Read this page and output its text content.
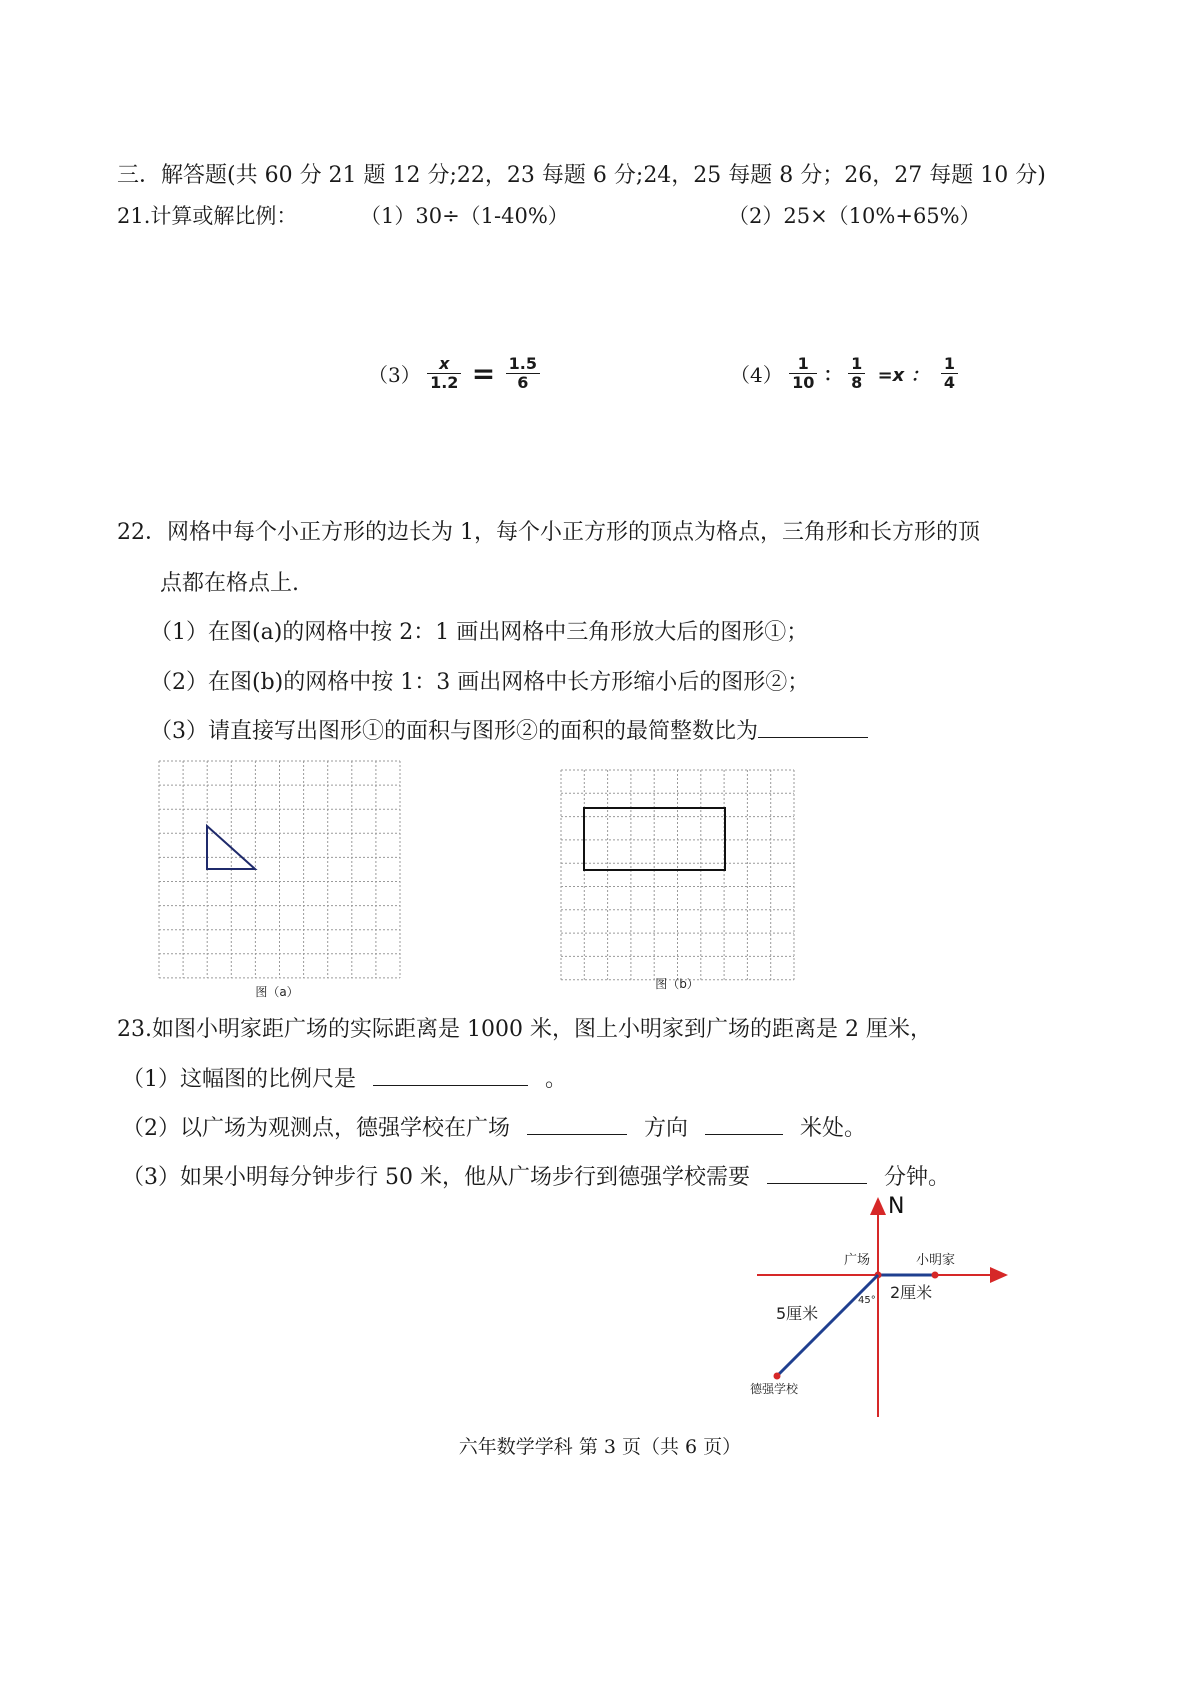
三．解答题(共 60 分 21 题 12 分;22，23 每题 6 分;24，25 每题 8 分；26，27 每题 10 分)
21.计算或解比例：	（1）30÷（1-40%）	（2）25×（10%+65%）
$(3) \frac{x}{1.2} = \frac{1.5}{6}$	$(4) \frac{1}{10}$ ： $\frac{1}{8} =x$ ： $\frac{1}{4}$
22．网格中每个小正方形的边长为 1，每个小正方形的顶点为格点，三角形和长方形的顶
点都在格点上.
（1）在图(a)的网格中按 2：1 画出网格中三角形放大后的图形①；
（2）在图(b)的网格中按 1：3 画出网格中长方形缩小后的图形②；
（3）请直接写出图形①的面积与图形②的面积的最简整数比为
图（a）
图（b）
23.如图小明家距广场的实际距离是 1000 米，图上小明家到广场的距离是 2 厘米，
（1）这幅图的比例尺是	。
（2）以广场为观测点，德强学校在广场	方向	米处。
（3）如果小明每分钟步行 50 米，他从广场步行到德强学校需要	分钟。
N
广场	小明家
2厘米
45°
5厘米
德强学校
六年数学学科 第 3 页（共 6 页）
